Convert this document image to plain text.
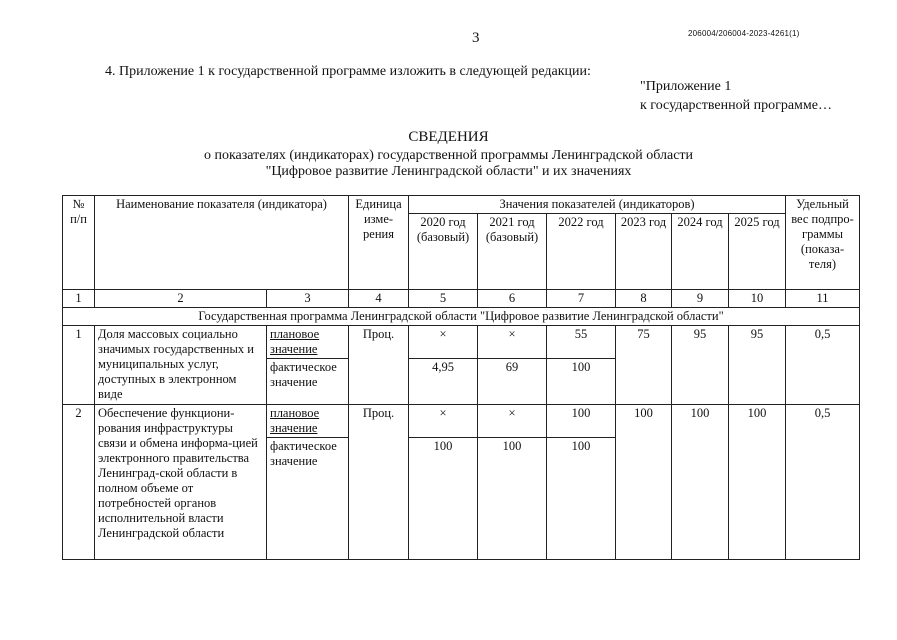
3	206004/206004-2023-4261(1)
4. Приложение 1 к государственной программе изложить в следующей редакции:
"Приложение 1
к государственной программе…
СВЕДЕНИЯ
о показателях (индикаторах) государственной программы Ленинградской области
"Цифровое развитие Ленинградской области" и их значениях
№ п/п	Наименование показателя (индикатора)		Единица изме-рения	Значения показателей (индикаторов)						Удельный вес подпро-граммы (показа-теля)
				2020 год (базовый)	2021 год (базовый)	2022 год	2023 год	2024 год	2025 год	
1	2	3	4	5	6	7	8	9	10	11
Государственная программа Ленинградской области "Цифровое развитие Ленинградской области"										
1	Доля массовых социально значимых государственных и муниципальных услуг, доступных в электронном виде	плановое значение	Проц.	×	×	55	75	95	95	0,5
		фактическое значение		4,95	69	100				
2	Обеспечение функциони-рования инфраструктуры связи и обмена информа-цией электронного правительства Ленинград-ской области в полном объеме от потребностей органов исполнительной власти Ленинградской области	плановое значение	Проц.	×	×	100	100	100	100	0,5
		фактическое значение		100	100	100				
